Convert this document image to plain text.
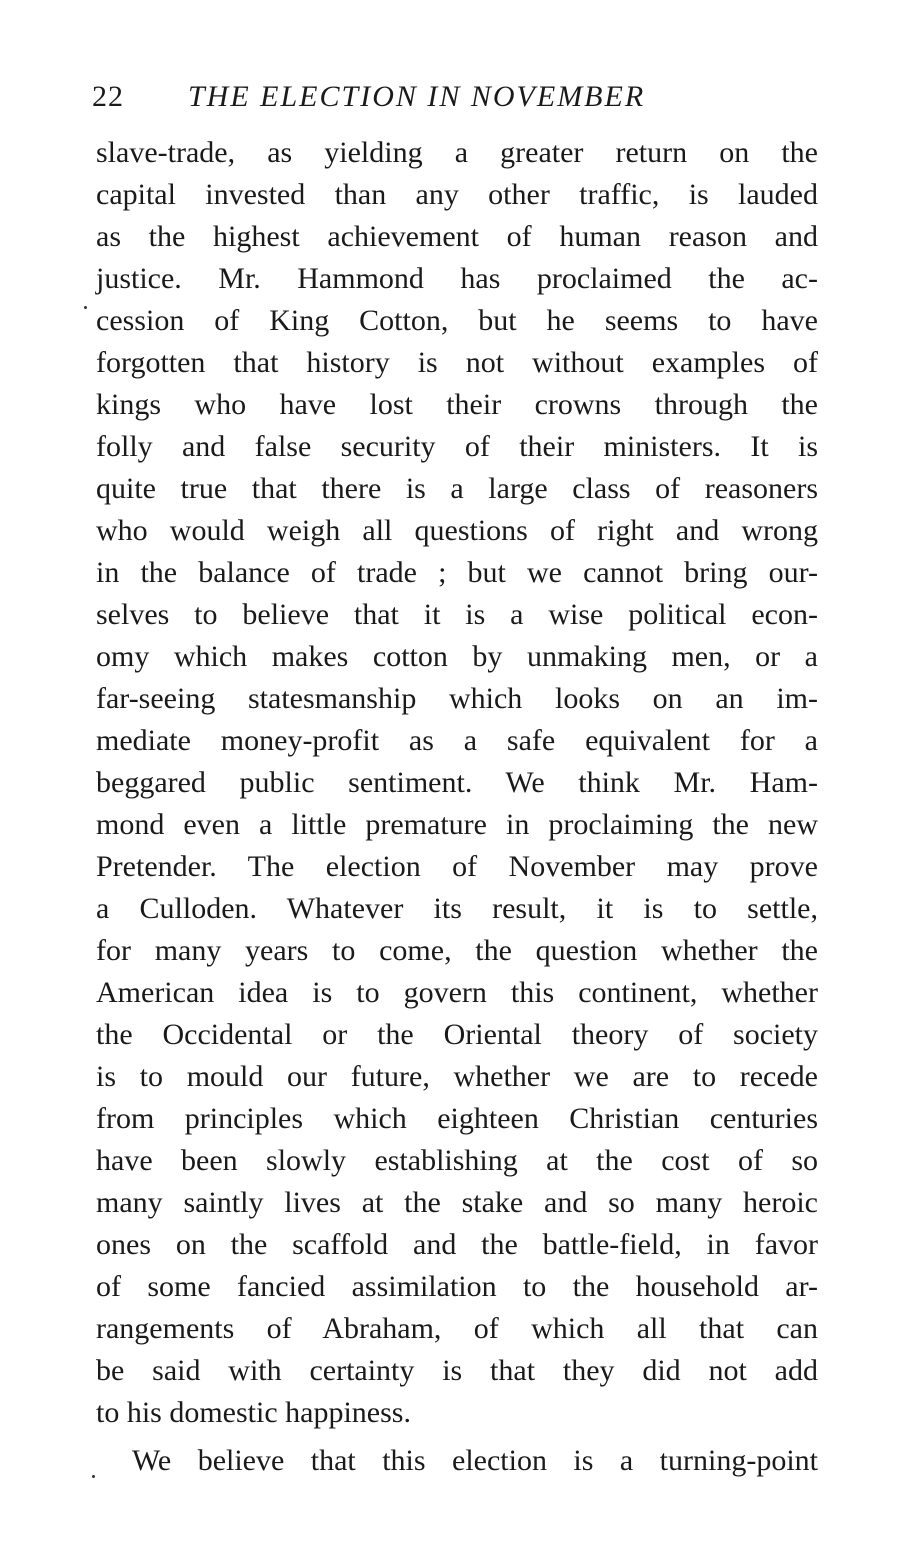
22 THE ELECTION IN NOVEMBER
slave-trade, as yielding a greater return on the
capital invested than any other traffic, is lauded
as the highest achievement of human reason and
justice. Mr. Hammond has proclaimed the ac-
cession of King Cotton, but he seems to have
forgotten that history is not without examples of
kings who have lost their crowns through the
folly and false security of their ministers. It is
quite true that there is a large class of reasoners
who would weigh all questions of right and wrong
in the balance of trade ; but we cannot bring our-
selves to believe that it is a wise political econ-
omy which makes cotton by unmaking men, or a
far-seeing statesmanship which looks on an im-
mediate money-profit as a safe equivalent for a
beggared public sentiment. We think Mr. Ham-
mond even a little premature in proclaiming the new
Pretender. The election of November may prove
a Culloden. Whatever its result, it is to settle,
for many years to come, the question whether the
American idea is to govern this continent, whether
the Occidental or the Oriental theory of society
is to mould our future, whether we are to recede
from principles which eighteen Christian centuries
have been slowly establishing at the cost of so
many saintly lives at the stake and so many heroic
ones on the scaffold and the battle-field, in favor
of some fancied assimilation to the household ar-
rangements of Abraham, of which all that can
be said with certainty is that they did not add
to his domestic happiness.
We believe that this election is a turning-point
